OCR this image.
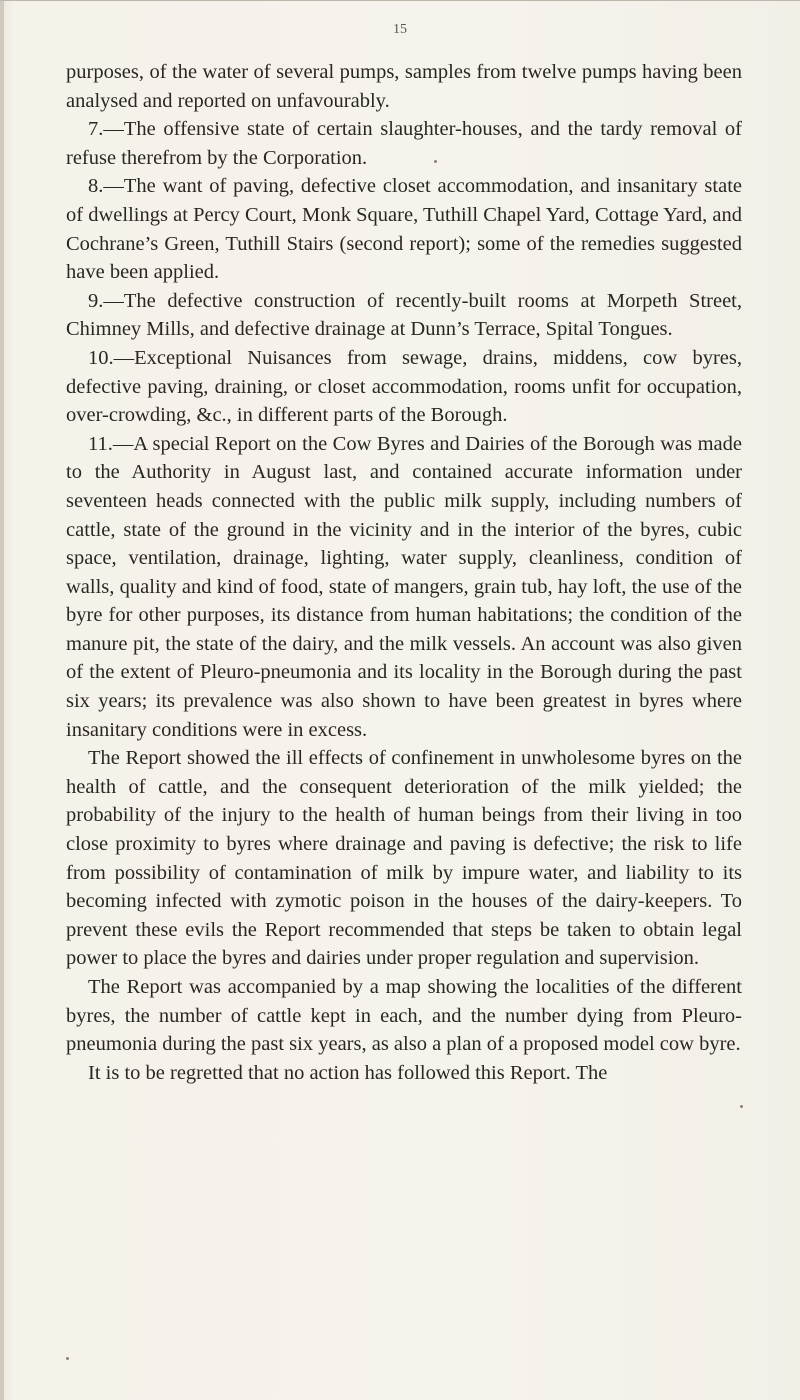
15

purposes, of the water of several pumps, samples from twelve pumps having been analysed and reported on unfavourably.

7.—The offensive state of certain slaughter-houses, and the tardy removal of refuse therefrom by the Corporation.

8.—The want of paving, defective closet accommodation, and insanitary state of dwellings at Percy Court, Monk Square, Tuthill Chapel Yard, Cottage Yard, and Cochrane’s Green, Tuthill Stairs (second report); some of the remedies suggested have been applied.

9.—The defective construction of recently-built rooms at Morpeth Street, Chimney Mills, and defective drainage at Dunn’s Terrace, Spital Tongues.

10.—Exceptional Nuisances from sewage, drains, middens, cow byres, defective paving, draining, or closet accommodation, rooms unfit for occupation, over-crowding, &c., in different parts of the Borough.

11.—A special Report on the Cow Byres and Dairies of the Borough was made to the Authority in August last, and contained accurate information under seventeen heads connected with the public milk supply, including numbers of cattle, state of the ground in the vicinity and in the interior of the byres, cubic space, ventilation, drainage, lighting, water supply, cleanliness, condition of walls, quality and kind of food, state of mangers, grain tub, hay loft, the use of the byre for other purposes, its distance from human habitations; the condition of the manure pit, the state of the dairy, and the milk vessels. An account was also given of the extent of Pleuro-pneumonia and its locality in the Borough during the past six years; its prevalence was also shown to have been greatest in byres where insanitary conditions were in excess.

The Report showed the ill effects of confinement in unwholesome byres on the health of cattle, and the consequent deterioration of the milk yielded; the probability of the injury to the health of human beings from their living in too close proximity to byres where drainage and paving is defective; the risk to life from possibility of contamination of milk by impure water, and liability to its becoming infected with zymotic poison in the houses of the dairy-keepers. To prevent these evils the Report recommended that steps be taken to obtain legal power to place the byres and dairies under proper regulation and supervision.

The Report was accompanied by a map showing the localities of the different byres, the number of cattle kept in each, and the number dying from Pleuro-pneumonia during the past six years, as also a plan of a proposed model cow byre.

It is to be regretted that no action has followed this Report. The
